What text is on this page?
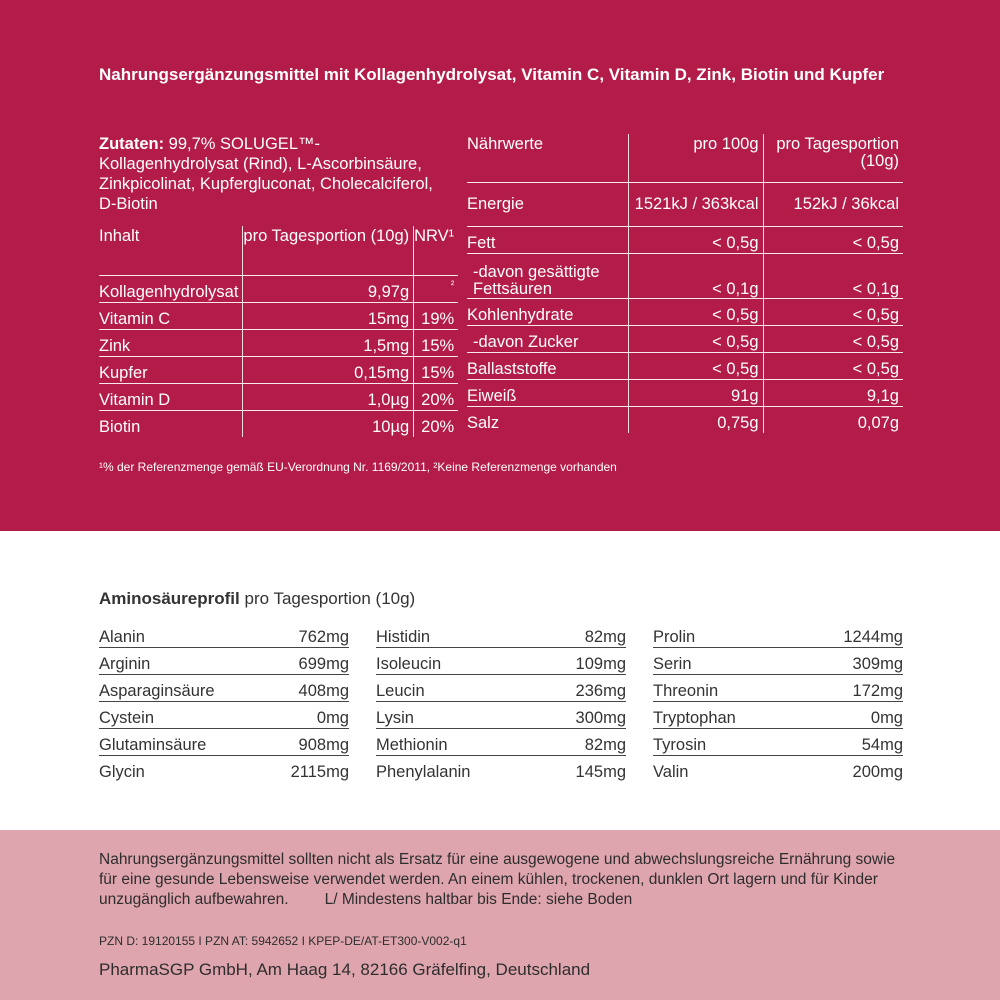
Nahrungsergänzungsmittel mit Kollagenhydrolysat, Vitamin C, Vitamin D, Zink, Biotin und Kupfer
Zutaten: 99,7% SOLUGEL™-Kollagenhydrolysat (Rind), L-Ascorbinsäure, Zinkpicolinat, Kupfergluconat, Cholecalciferol, D-Biotin
Inhalt	pro Tagesportion (10g)	NRV¹
Kollagenhydrolysat	9,97g	²
Vitamin C	15mg	19%
Zink	1,5mg	15%
Kupfer	0,15mg	15%
Vitamin D	1,0µg	20%
Biotin	10µg	20%
Nährwerte	pro 100g	pro Tagesportion (10g)
Energie	1521kJ / 363kcal	152kJ / 36kcal
Fett	< 0,5g	< 0,5g
-davon gesättigte Fettsäuren	< 0,1g	< 0,1g
Kohlenhydrate	< 0,5g	< 0,5g
-davon Zucker	< 0,5g	< 0,5g
Ballaststoffe	< 0,5g	< 0,5g
Eiweiß	91g	9,1g
Salz	0,75g	0,07g
¹% der Referenzmenge gemäß EU-Verordnung Nr. 1169/2011, ²Keine Referenzmenge vorhanden
Aminosäureprofil pro Tagesportion (10g)
Alanin	762mg
Arginin	699mg
Asparaginsäure	408mg
Cystein	0mg
Glutaminsäure	908mg
Glycin	2115mg
Histidin	82mg
Isoleucin	109mg
Leucin	236mg
Lysin	300mg
Methionin	82mg
Phenylalanin	145mg
Prolin	1244mg
Serin	309mg
Threonin	172mg
Tryptophan	0mg
Tyrosin	54mg
Valin	200mg
Nahrungsergänzungsmittel sollten nicht als Ersatz für eine ausgewogene und abwechslungsreiche Ernährung sowie für eine gesunde Lebensweise verwendet werden. An einem kühlen, trockenen, dunklen Ort lagern und für Kinder unzugänglich aufbewahren. L/ Mindestens haltbar bis Ende: siehe Boden
PZN D: 19120155 I PZN AT: 5942652 I KPEP-DE/AT-ET300-V002-q1
PharmaSGP GmbH, Am Haag 14, 82166 Gräfelfing, Deutschland
